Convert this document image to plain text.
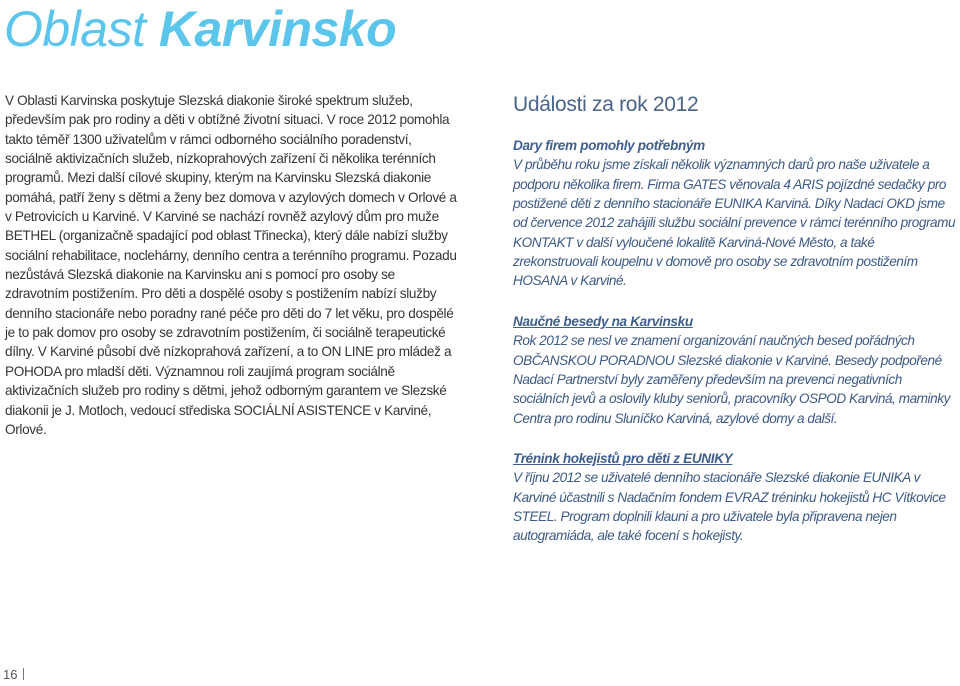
Oblast Karvinsko

V Oblasti Karvinska poskytuje Slezská diakonie široké spektrum služeb, především pak pro rodiny a děti v obtížné životní situaci. V roce 2012 pomohla takto téměř 1300 uživatelům v rámci odborného sociálního poradenství, sociálně aktivizačních služeb, nízkoprahových zařízení či několika terénních programů. Mezi další cílové skupiny, kterým na Karvinsku Slezská diakonie pomáhá, patří ženy s dětmi a ženy bez domova v azylových domech v Orlové a v Petrovicích u Karviné. V Karviné se nachází rovněž azylový dům pro muže BETHEL (organizačně spadající pod oblast Třinecka), který dále nabízí služby sociální rehabilitace, noclehárny, denního centra a terénního programu. Pozadu nezůstává Slezská diakonie na Karvinsku ani s pomocí pro osoby se zdravotním postižením. Pro děti a dospělé osoby s postižením nabízí služby denního stacionáře nebo poradny rané péče pro děti do 7 let věku, pro dospělé je to pak domov pro osoby se zdravotním postižením, či sociálně terapeutické dílny. V Karviné působí dvě nízkoprahová zařízení, a to ON LINE pro mládež a POHODA pro mladší děti. Významnou roli zaujímá program sociálně aktivizačních služeb pro rodiny s dětmi, jehož odborným garantem ve Slezské diakonii je J. Motloch, vedoucí střediska SOCIÁLNÍ ASISTENCE v Karviné, Orlové.

Události za rok 2012

Dary firem pomohly potřebným

V průběhu roku jsme získali několik významných darů pro naše uživatele a podporu několika firem. Firma GATES věnovala 4 ARIS pojízdné sedačky pro postižené děti z denního stacionáře EUNIKA Karviná. Díky Nadaci OKD jsme od července 2012 zahájili službu sociální prevence v rámci terénního programu KONTAKT v další vyloučené lokalitě Karviná-Nové Město, a také zrekonstruovali koupelnu v domově pro osoby se zdravotním postižením HOSANA v Karviné.

Naučné besedy na Karvinsku

Rok 2012 se nesl ve znamení organizování naučných besed pořádných OBČANSKOU PORADNOU Slezské diakonie v Karviné. Besedy podpořené Nadací Partnerství byly zaměřeny především na prevenci negativních sociálních jevů a oslovily kluby seniorů, pracovníky OSPOD Karviná, maminky Centra pro rodinu Sluníčko Karviná, azylové domy a další.

Trénink hokejistů pro děti z EUNIKY

V říjnu 2012 se uživatelé denního stacionáře Slezské diakonie EUNIKA v Karviné účastnili s Nadačním fondem EVRAZ tréninku hokejistů HC Vítkovice STEEL. Program doplnili klauni a pro uživatele byla připravena nejen autogramiáda, ale také focení s hokejisty.

16
